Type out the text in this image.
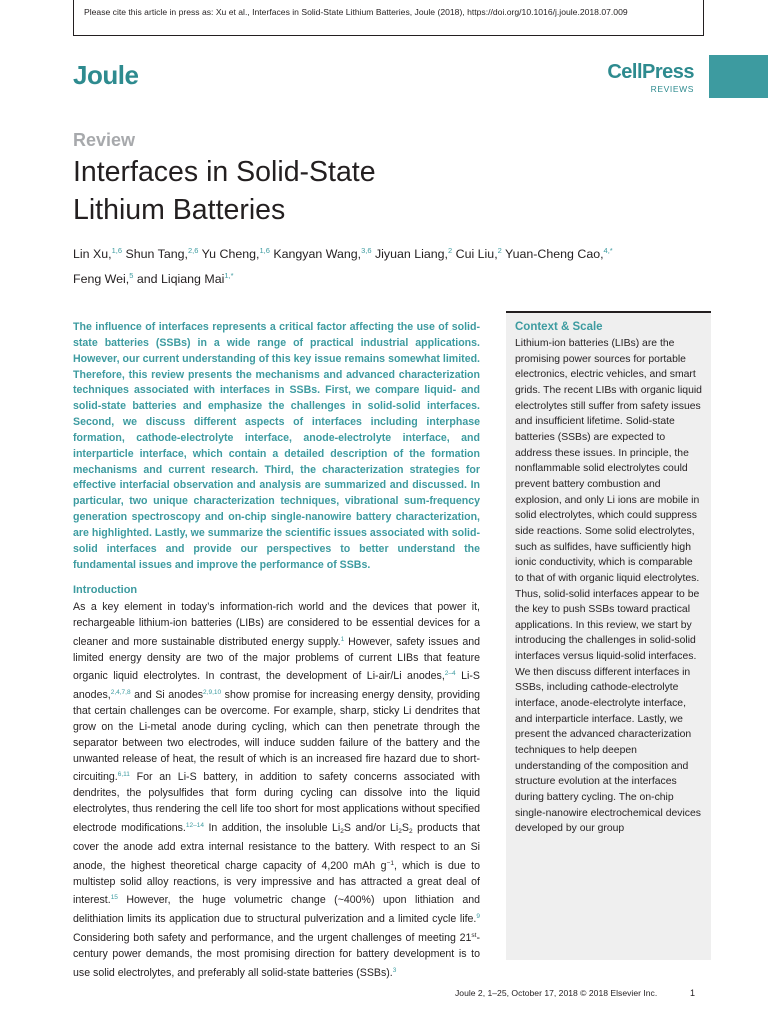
Please cite this article in press as: Xu et al., Interfaces in Solid-State Lithium Batteries, Joule (2018), https://doi.org/10.1016/j.joule.2018.07.009
Joule	CellPress
REVIEWS
Review
Interfaces in Solid-State
Lithium Batteries
Lin Xu,$^{1,6}$ Shun Tang,$^{2,6}$ Yu Cheng,$^{1,6}$ Kangyan Wang,$^{3,6}$ Jiyuan Liang,$^2$ Cui Liu,$^2$ Yuan-Cheng Cao,$^{4,*}$
Feng Wei,$^5$ and Liqiang Mai$^{1,*}$

The influence of interfaces represents a critical factor affecting the use of solid-state batteries (SSBs) in a wide range of practical industrial applications. However, our current understanding of this key issue remains somewhat limited. Therefore, this review presents the mechanisms and advanced characterization techniques associated with interfaces in SSBs. First, we compare liquid- and solid-state batteries and emphasize the challenges in solid-solid interfaces. Second, we discuss different aspects of interfaces including interphase formation, cathode-electrolyte interface, anode-electrolyte interface, and interparticle interface, which contain a detailed description of the formation mechanisms and current research. Third, the characterization strategies for effective interfacial observation and analysis are summarized and discussed. In particular, two unique characterization techniques, vibrational sum-frequency generation spectroscopy and on-chip single-nanowire battery characterization, are highlighted. Lastly, we summarize the scientific issues associated with solid-solid interfaces and provide our perspectives to better understand the fundamental issues and improve the performance of SSBs.

Introduction

As a key element in today’s information-rich world and the devices that power it, rechargeable lithium-ion batteries (LIBs) are considered to be essential devices for a cleaner and more sustainable distributed energy supply.$^1$ However, safety issues and limited energy density are two of the major problems of current LIBs that feature organic liquid electrolytes. In contrast, the development of Li-air/Li anodes,$^{2-4}$ Li-S anodes,$^{2,4,7,8}$ and Si anodes$^{2,9,10}$ show promise for increasing energy density, providing that certain challenges can be overcome. For example, sharp, sticky Li dendrites that grow on the Li-metal anode during cycling, which can then penetrate through the separator between two electrodes, will induce sudden failure of the battery and the unwanted release of heat, the result of which is an increased fire hazard due to short-circuiting.$^{6,11}$ For an Li-S battery, in addition to safety concerns associated with dendrites, the polysulfides that form during cycling can dissolve into the liquid electrolytes, thus rendering the cell life too short for most applications without specified electrode modifications.$^{12-14}$ In addition, the insoluble $Li_2S$ and/or $Li_2S_2$ products that cover the anode add extra internal resistance to the battery. With respect to an Si anode, the highest theoretical charge capacity of 4,200 mAh $g^{-1}$, which is due to multistep solid alloy reactions, is very impressive and has attracted a great deal of interest.$^{15}$ However, the huge volumetric change (~400%) upon lithiation and delithiation limits its application due to structural pulverization and a limited cycle life.$^9$ Considering both safety and performance, and the urgent challenges of meeting 21st-century power demands, the most promising direction for battery development is to use solid electrolytes, and preferably all solid-state batteries (SSBs).$^3$

Context & Scale
Lithium-ion batteries (LIBs) are the promising power sources for portable electronics, electric vehicles, and smart grids. The recent LIBs with organic liquid electrolytes still suffer from safety issues and insufficient lifetime. Solid-state batteries (SSBs) are expected to address these issues. In principle, the nonflammable solid electrolytes could prevent battery combustion and explosion, and only Li ions are mobile in solid electrolytes, which could suppress side reactions. Some solid electrolytes, such as sulfides, have sufficiently high ionic conductivity, which is comparable to that of with organic liquid electrolytes. Thus, solid-solid interfaces appear to be the key to push SSBs toward practical applications. In this review, we start by introducing the challenges in solid-solid interfaces versus liquid-solid interfaces. We then discuss different interfaces in SSBs, including cathode-electrolyte interface, anode-electrolyte interface, and interparticle interface. Lastly, we present the advanced characterization techniques to help deepen understanding of the composition and structure evolution at the interfaces during battery cycling. The on-chip single-nanowire electrochemical devices developed by our group
Joule 2, 1–25, October 17, 2018 © 2018 Elsevier Inc.	1
